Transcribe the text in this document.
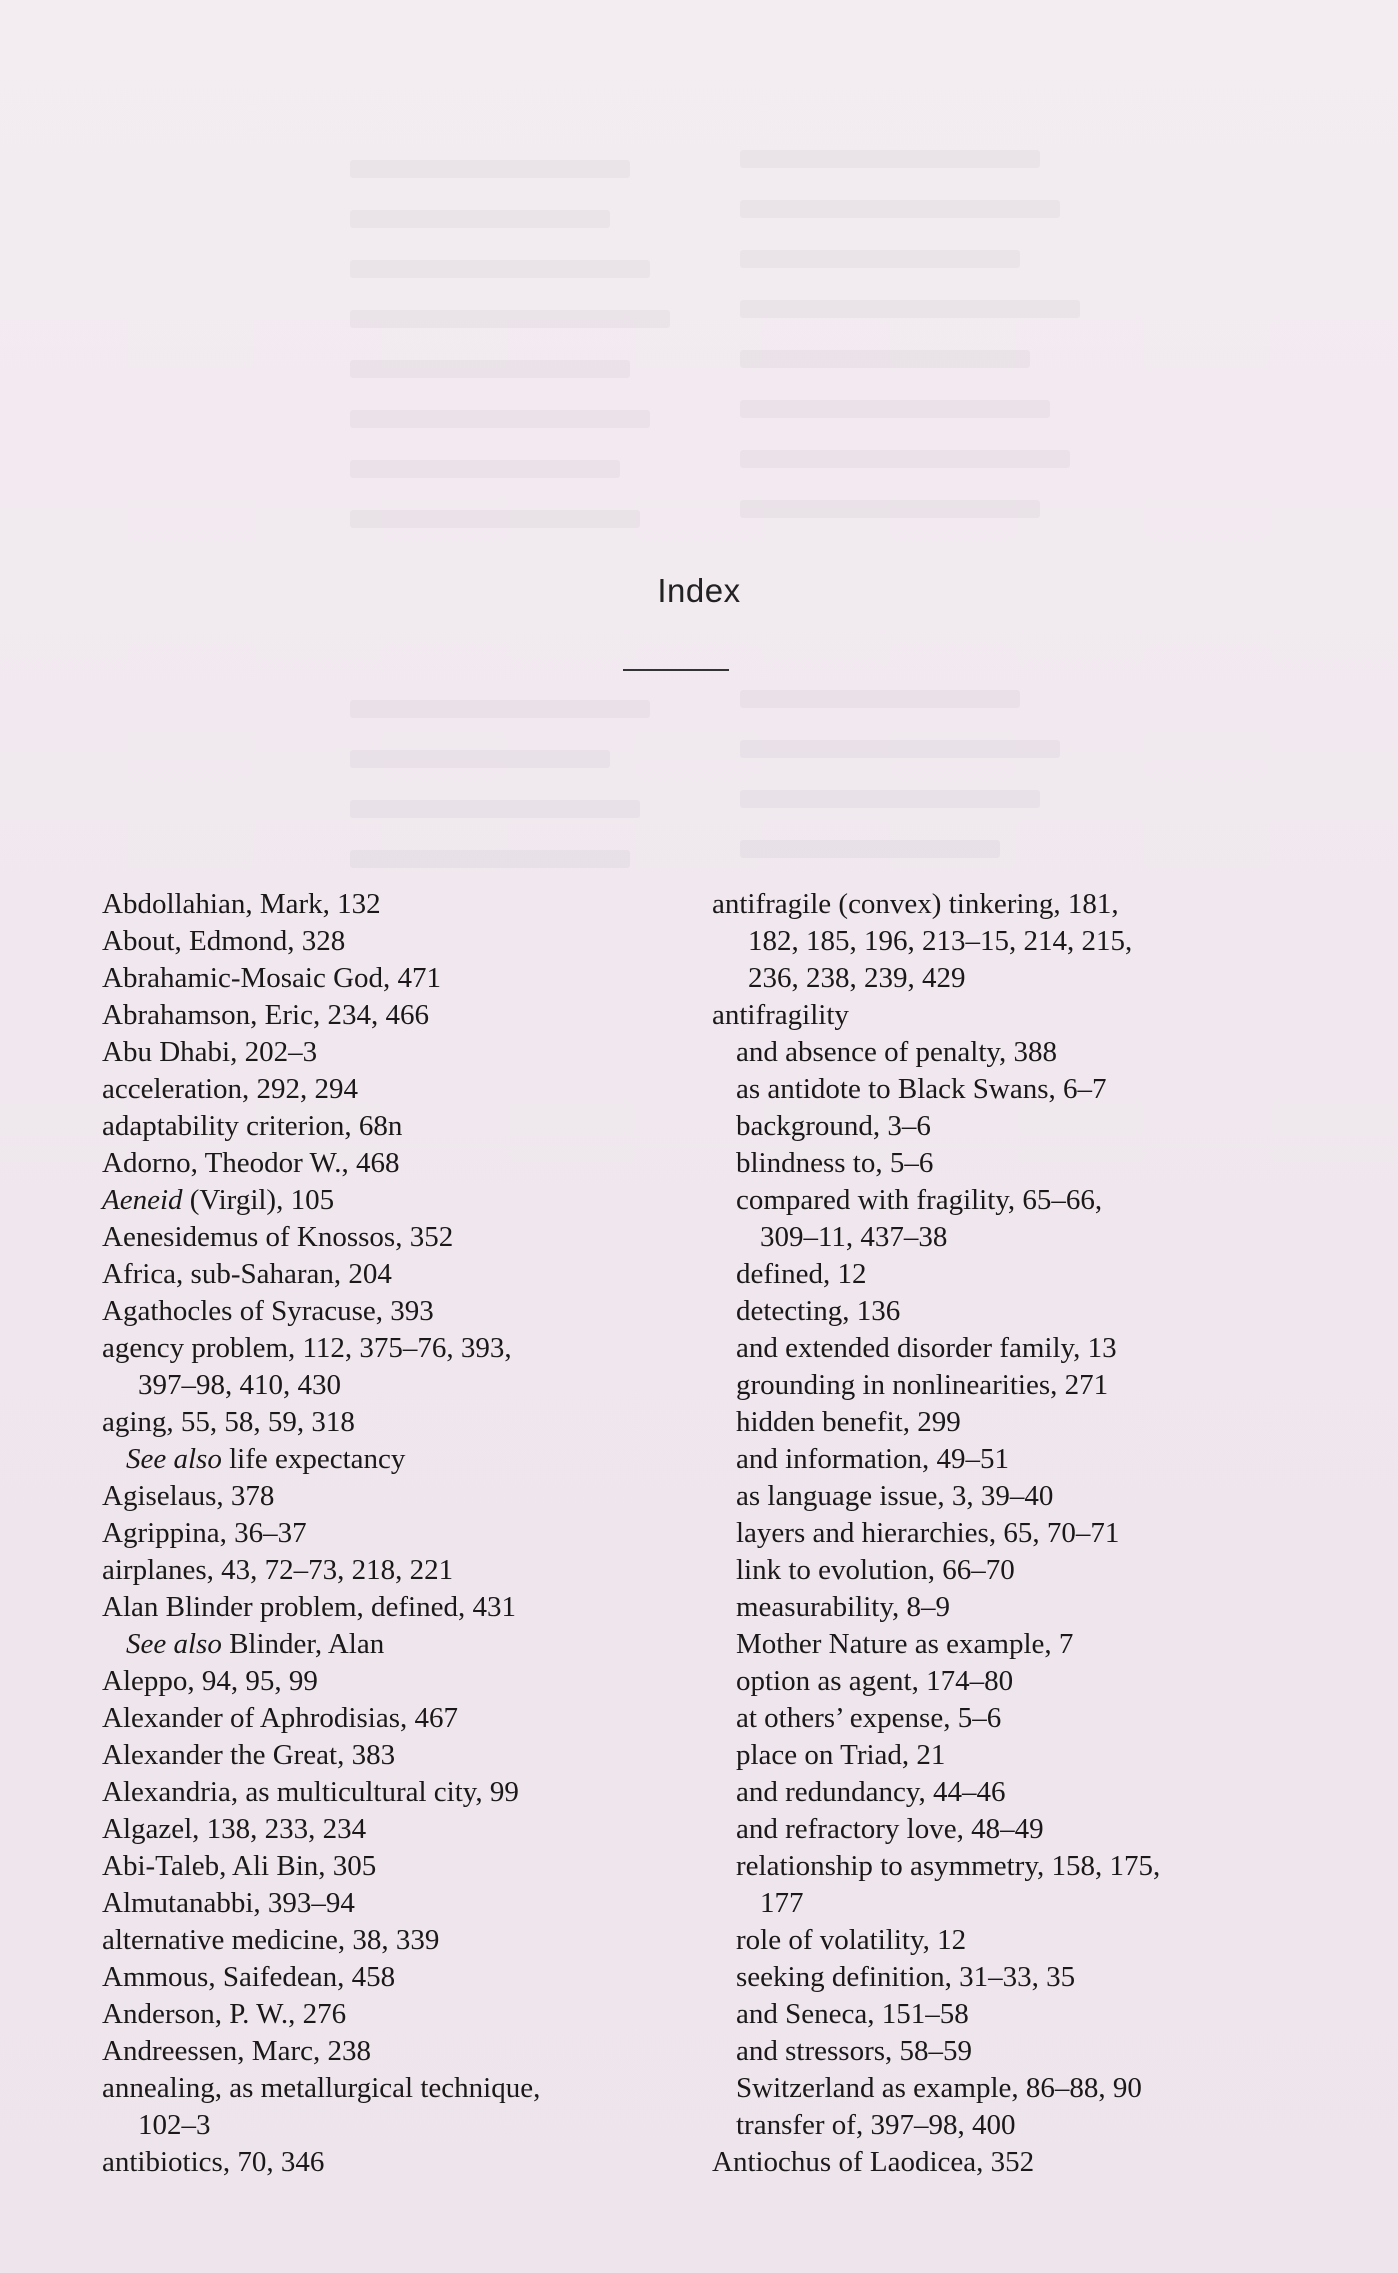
Index
Abdollahian, Mark, 132
About, Edmond, 328
Abrahamic-Mosaic God, 471
Abrahamson, Eric, 234, 466
Abu Dhabi, 202–3
acceleration, 292, 294
adaptability criterion, 68n
Adorno, Theodor W., 468
Aeneid (Virgil), 105
Aenesidemus of Knossos, 352
Africa, sub-Saharan, 204
Agathocles of Syracuse, 393
agency problem, 112, 375–76, 393,
397–98, 410, 430
aging, 55, 58, 59, 318
See also life expectancy
Agiselaus, 378
Agrippina, 36–37
airplanes, 43, 72–73, 218, 221
Alan Blinder problem, defined, 431
See also Blinder, Alan
Aleppo, 94, 95, 99
Alexander of Aphrodisias, 467
Alexander the Great, 383
Alexandria, as multicultural city, 99
Algazel, 138, 233, 234
Abi-Taleb, Ali Bin, 305
Almutanabbi, 393–94
alternative medicine, 38, 339
Ammous, Saifedean, 458
Anderson, P. W., 276
Andreessen, Marc, 238
annealing, as metallurgical technique,
102–3
antibiotics, 70, 346
antifragile (convex) tinkering, 181,
182, 185, 196, 213–15, 214, 215,
236, 238, 239, 429
antifragility
and absence of penalty, 388
as antidote to Black Swans, 6–7
background, 3–6
blindness to, 5–6
compared with fragility, 65–66,
309–11, 437–38
defined, 12
detecting, 136
and extended disorder family, 13
grounding in nonlinearities, 271
hidden benefit, 299
and information, 49–51
as language issue, 3, 39–40
layers and hierarchies, 65, 70–71
link to evolution, 66–70
measurability, 8–9
Mother Nature as example, 7
option as agent, 174–80
at others’ expense, 5–6
place on Triad, 21
and redundancy, 44–46
and refractory love, 48–49
relationship to asymmetry, 158, 175,
177
role of volatility, 12
seeking definition, 31–33, 35
and Seneca, 151–58
and stressors, 58–59
Switzerland as example, 86–88, 90
transfer of, 397–98, 400
Antiochus of Laodicea, 352
